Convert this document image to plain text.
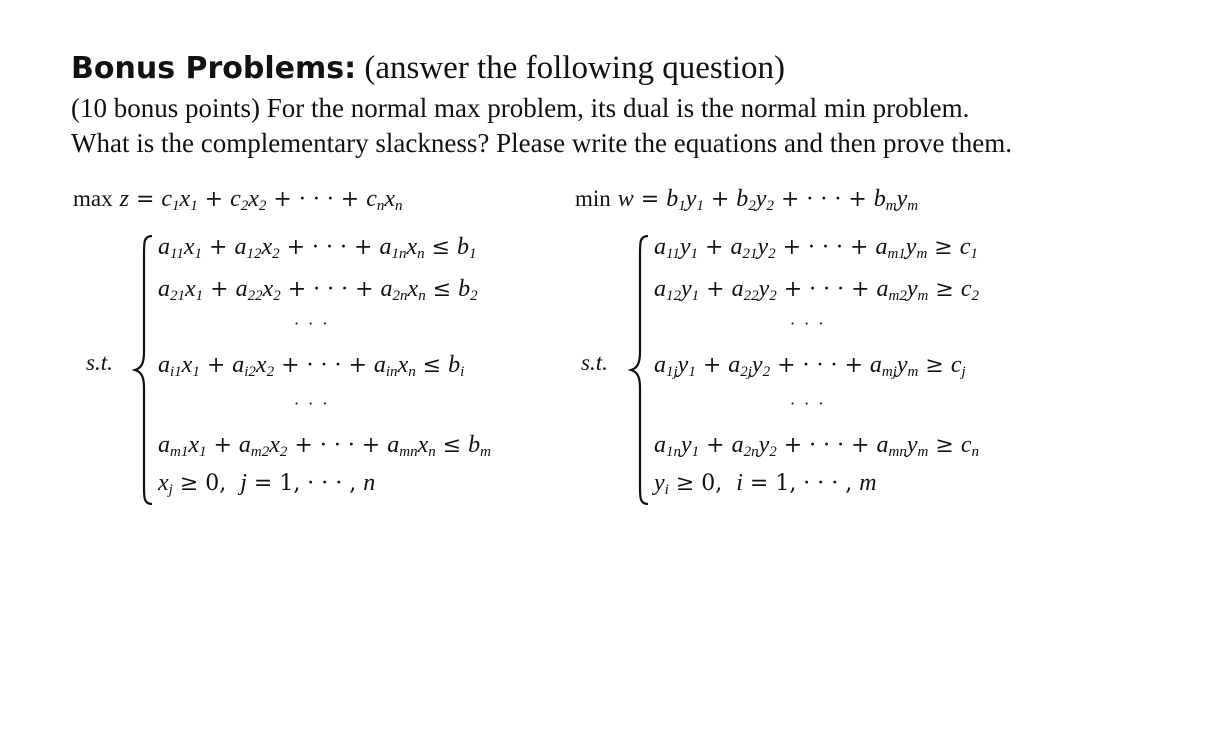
Bonus Problems: (answer the following question)
(10 bonus points) For the normal max problem, its dual is the normal min problem.
What is the complementary slackness? Please write the equations and then prove them.
$\max z = c_1x_1 + c_2x_2$ + · · · + $c_nx_n$	$\min w = b_1y_1 + b_2y_2$ + · · · + $b_my_m$
s.t.	s.t.
$a_{11}x_1 + a_{12}x_2$ + · · · + $a_{1n}x_n \le b_1$
$a_{21}x_1 + a_{22}x_2$ + · · · + $a_{2n}x_n \le b_2$
· · ·
$a_{i1}x_1 + a_{i2}x_2$ + · · · + $a_{in}x_n \le b_i$
· · ·
$a_{m1}x_1 + a_{m2}x_2$ + · · · + $a_{mn}x_n \le b_m$
$x_j \ge 0$,  j = 1, · · · , n
$a_{11}y_1 + a_{21}y_2$ + · · · + $a_{m1}y_m \ge c_1$
$a_{12}y_1 + a_{22}y_2$ + · · · + $a_{m2}y_m \ge c_2$
· · ·
$a_{1j}y_1 + a_{2j}y_2$ + · · · + $a_{mj}y_m \ge c_j$
· · ·
$a_{1n}y_1 + a_{2n}y_2$ + · · · + $a_{mn}y_m \ge c_n$
$y_i \ge 0$,  i = 1, · · · , m
